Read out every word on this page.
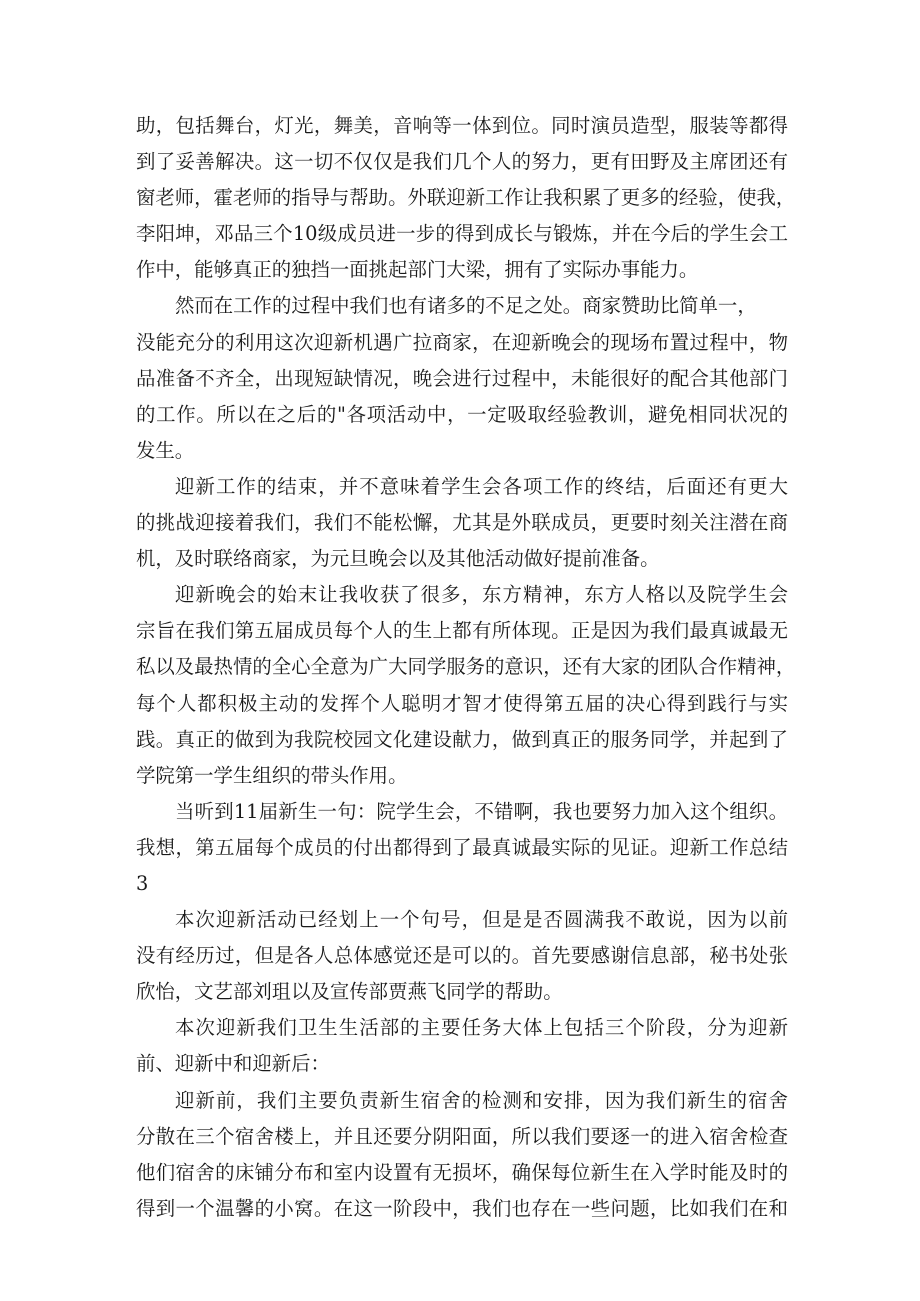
助，包括舞台，灯光，舞美，音响等一体到位。同时演员造型，服装等都得
到了妥善解决。这一切不仅仅是我们几个人的努力，更有田野及主席团还有
窗老师，霍老师的指导与帮助。外联迎新工作让我积累了更多的经验，使我，
李阳坤，邓品三个10级成员进一步的得到成长与锻炼，并在今后的学生会工
作中，能够真正的独挡一面挑起部门大梁，拥有了实际办事能力。

然而在工作的过程中我们也有诸多的不足之处。商家赞助比简单一，
没能充分的利用这次迎新机遇广拉商家，在迎新晚会的现场布置过程中，物
品准备不齐全，出现短缺情况，晚会进行过程中，未能很好的配合其他部门
的工作。所以在之后的"各项活动中，一定吸取经验教训，避免相同状况的
发生。

迎新工作的结束，并不意味着学生会各项工作的终结，后面还有更大
的挑战迎接着我们，我们不能松懈，尤其是外联成员，更要时刻关注潜在商
机，及时联络商家，为元旦晚会以及其他活动做好提前准备。

迎新晚会的始末让我收获了很多，东方精神，东方人格以及院学生会
宗旨在我们第五届成员每个人的生上都有所体现。正是因为我们最真诚最无
私以及最热情的全心全意为广大同学服务的意识，还有大家的团队合作精神，
每个人都积极主动的发挥个人聪明才智才使得第五届的决心得到践行与实
践。真正的做到为我院校园文化建设献力，做到真正的服务同学，并起到了
学院第一学生组织的带头作用。

当听到11届新生一句：院学生会，不错啊，我也要努力加入这个组织。
我想，第五届每个成员的付出都得到了最真诚最实际的见证。迎新工作总结
3

本次迎新活动已经划上一个句号，但是是否圆满我不敢说，因为以前
没有经历过，但是各人总体感觉还是可以的。首先要感谢信息部，秘书处张
欣怡，文艺部刘珇以及宣传部贾燕飞同学的帮助。

本次迎新我们卫生生活部的主要任务大体上包括三个阶段，分为迎新
前、迎新中和迎新后：

迎新前，我们主要负责新生宿舍的检测和安排，因为我们新生的宿舍
分散在三个宿舍楼上，并且还要分阴阳面，所以我们要逐一的进入宿舍检查
他们宿舍的床铺分布和室内设置有无损坏，确保每位新生在入学时能及时的
得到一个温馨的小窝。在这一阶段中，我们也存在一些问题，比如我们在和
